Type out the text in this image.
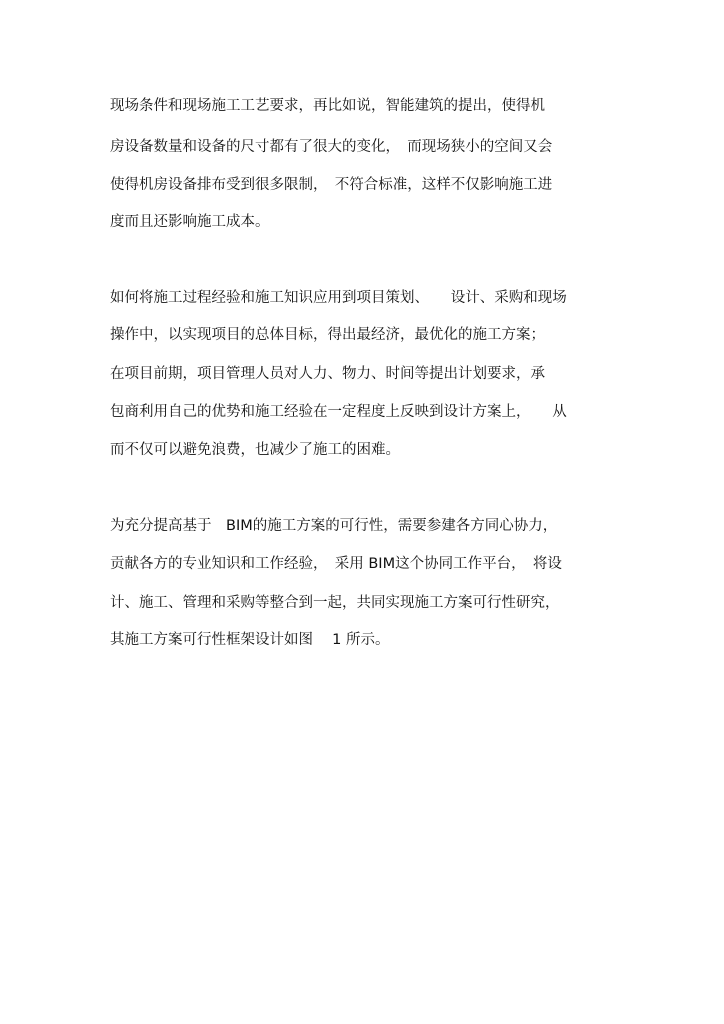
现场条件和现场施工工艺要求，再比如说，智能建筑的提出，使得机

房设备数量和设备的尺寸都有了很大的变化，　而现场狭小的空间又会

使得机房设备排布受到很多限制，　不符合标准，这样不仅影响施工进

度而且还影响施工成本。

如何将施工过程经验和施工知识应用到项目策划、　　设计、采购和现场

操作中，以实现项目的总体目标，得出最经济，最优化的施工方案；

在项目前期，项目管理人员对人力、物力、时间等提出计划要求，承

包商利用自己的优势和施工经验在一定程度上反映到设计方案上，　　从

而不仅可以避免浪费，也减少了施工的困难。

为充分提高基于　BIM的施工方案的可行性，需要参建各方同心协力，

贡献各方的专业知识和工作经验，　采用 BIM这个协同工作平台，　将设

计、施工、管理和采购等整合到一起，共同实现施工方案可行性研究，

其施工方案可行性框架设计如图　 1 所示。
